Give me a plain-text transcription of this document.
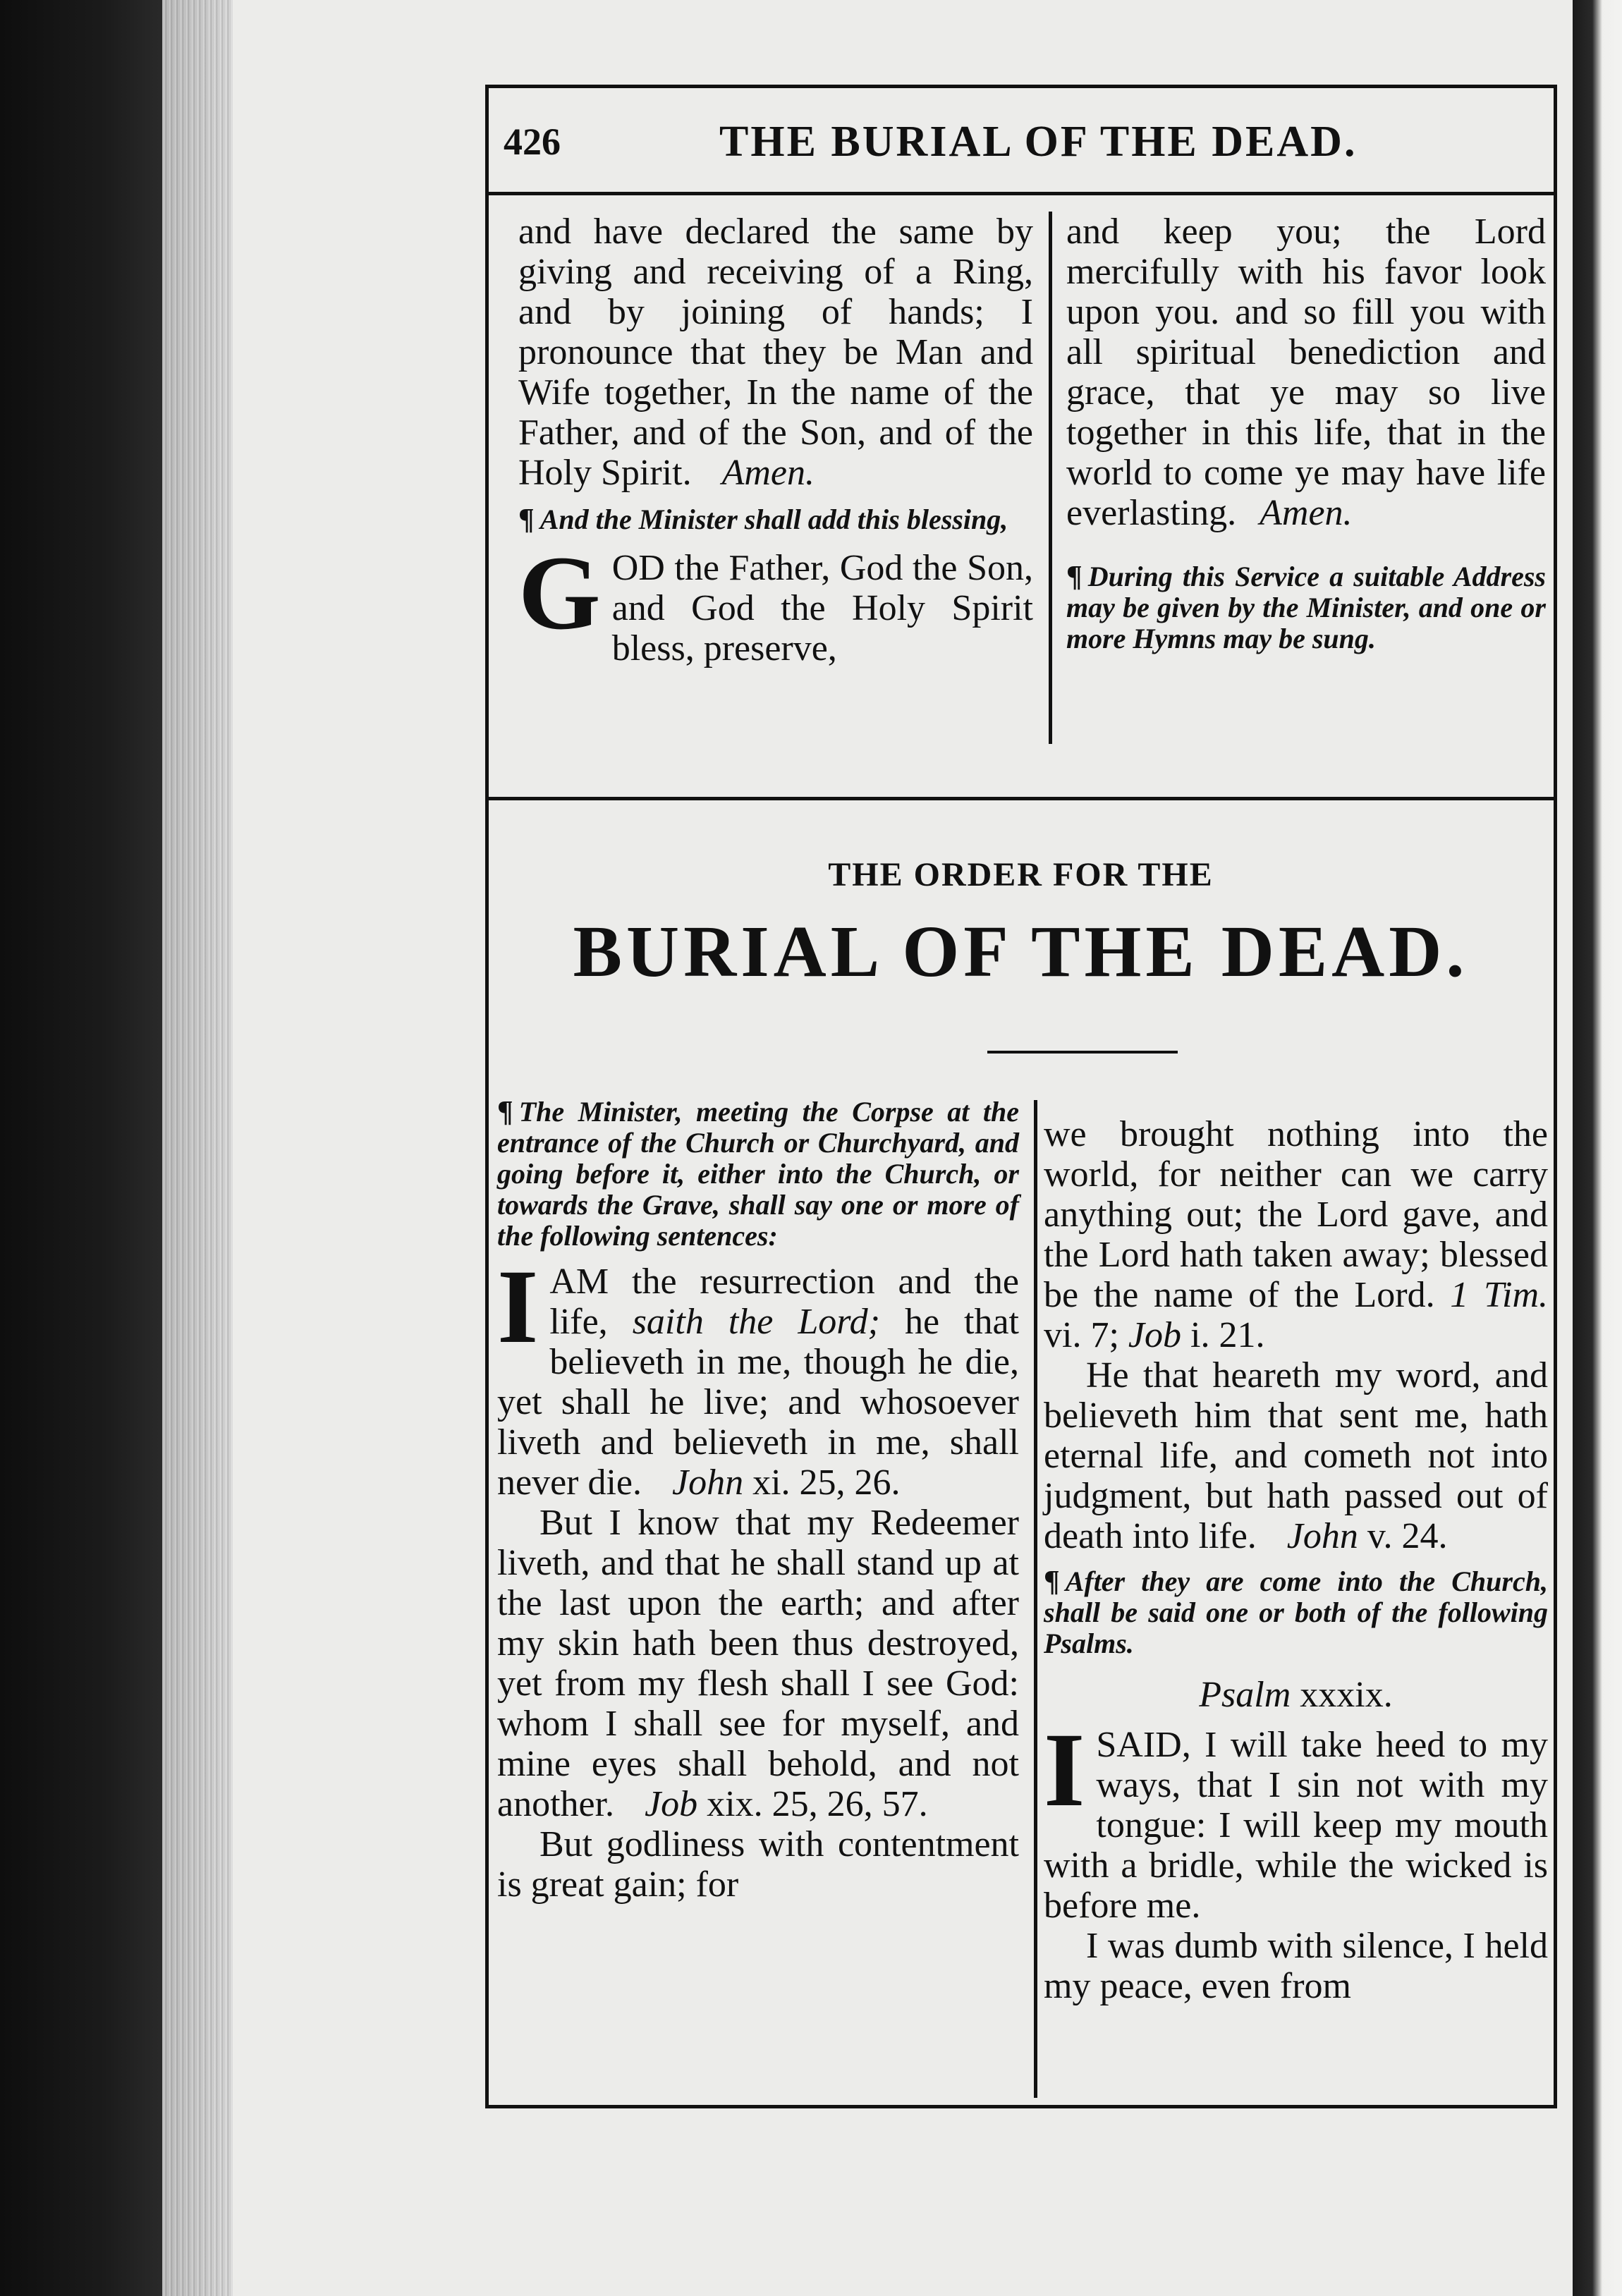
426	THE BURIAL OF THE DEAD.

and have declared the same by giving and receiving of a Ring, and by joining of hands; I pronounce that they be Man and Wife together, In the name of the Father, and of the Son, and of the Holy Spirit. Amen.

¶ And the Minister shall add this blessing,

GOD the Father, God the Son, and God the Holy Spirit bless, preserve,

and keep you; the Lord mercifully with his favor look upon you. and so fill you with all spiritual benediction and grace, that ye may so live together in this life, that in the world to come ye may have life everlasting. Amen.

¶ During this Service a suitable Address may be given by the Minister, and one or more Hymns may be sung.

THE ORDER FOR THE
BURIAL OF THE DEAD.

¶ The Minister, meeting the Corpse at the entrance of the Church or Churchyard, and going before it, either into the Church, or towards the Grave, shall say one or more of the following sentences:

IAM the resurrection and the life, saith the Lord; he that believeth in me, though he die, yet shall he live; and whosoever liveth and believeth in me, shall never die. John xi. 25, 26.

But I know that my Redeemer liveth, and that he shall stand up at the last upon the earth; and after my skin hath been thus destroyed, yet from my flesh shall I see God: whom I shall see for myself, and mine eyes shall behold, and not another. Job xix. 25, 26, 57.

But godliness with contentment is great gain; for

we brought nothing into the world, for neither can we carry anything out; the Lord gave, and the Lord hath taken away; blessed be the name of the Lord. 1 Tim. vi. 7; Job i. 21.

He that heareth my word, and believeth him that sent me, hath eternal life, and cometh not into judgment, but hath passed out of death into life. John v. 24.

¶ After they are come into the Church, shall be said one or both of the following Psalms.

Psalm xxxix.

ISAID, I will take heed to my ways, that I sin not with my tongue: I will keep my mouth with a bridle, while the wicked is before me.

I was dumb with silence, I held my peace, even from
